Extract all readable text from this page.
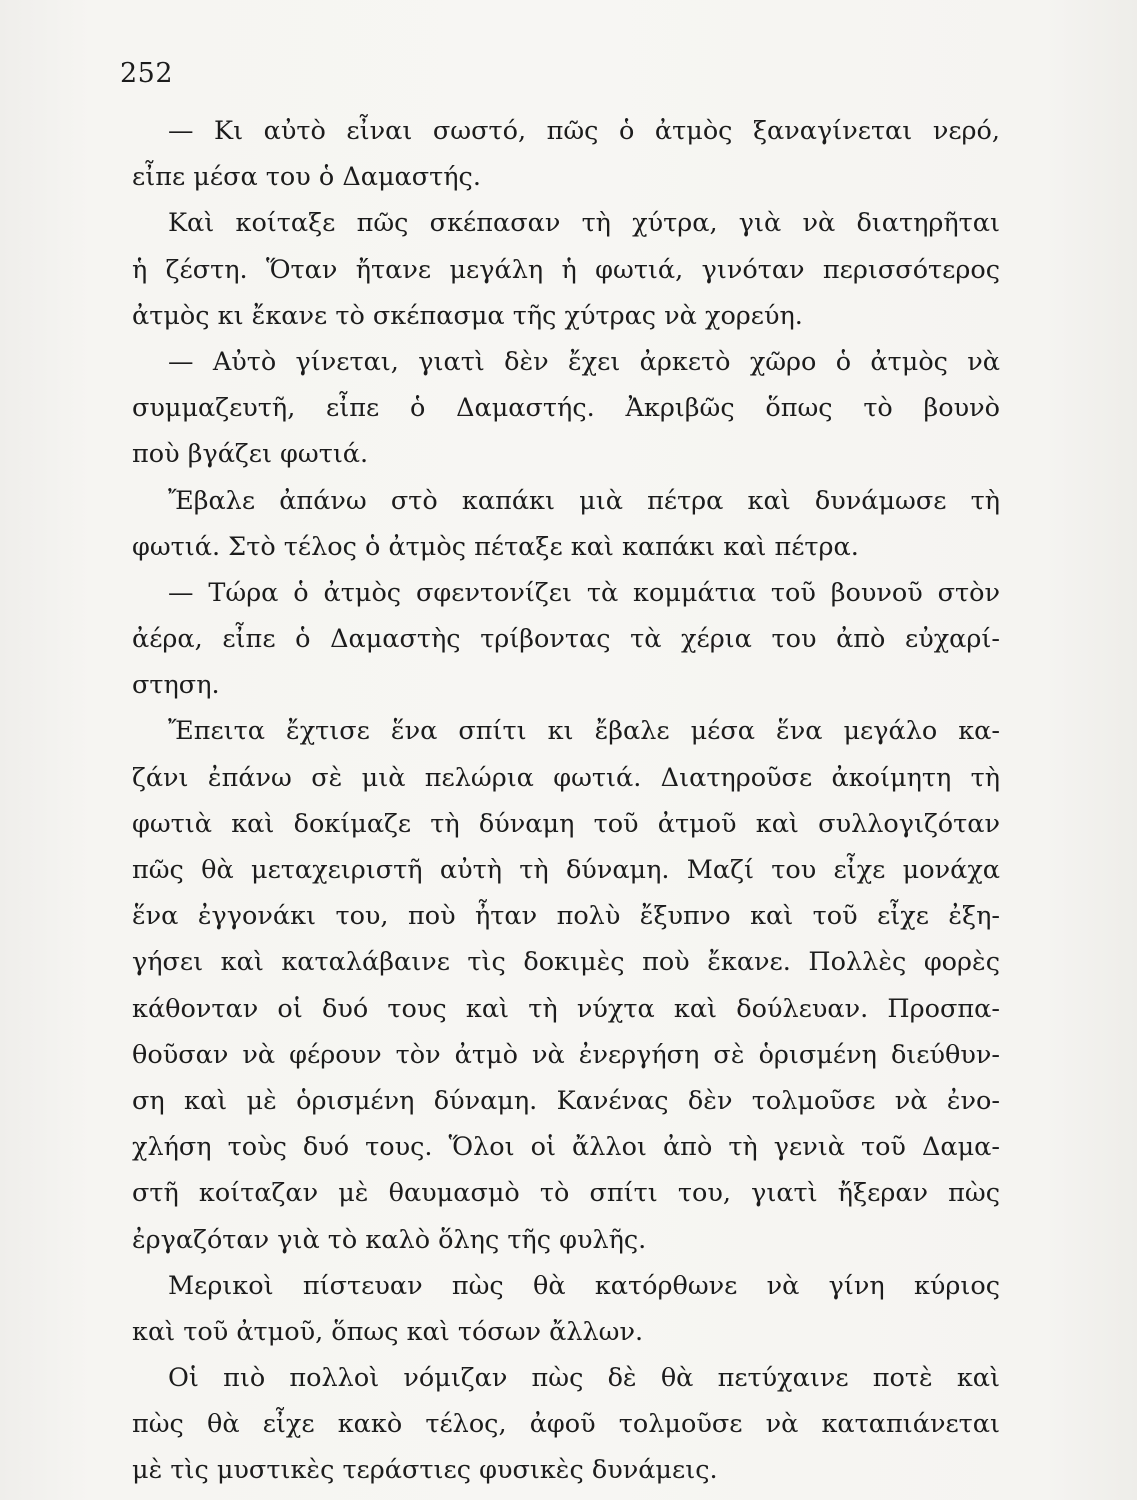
252
— Κι αὐτὸ εἶναι σωστό, πῶς ὁ ἀτμὸς ξαναγίνεται νερό,
εἶπε μέσα του ὁ Δαμαστής.
Καὶ κοίταξε πῶς σκέπασαν τὴ χύτρα, γιὰ νὰ διατηρῆται
ἡ ζέστη. Ὅταν ἤτανε μεγάλη ἡ φωτιά, γινόταν περισσότερος
ἀτμὸς κι ἔκανε τὸ σκέπασμα τῆς χύτρας νὰ χορεύη.
— Αὐτὸ γίνεται, γιατὶ δὲν ἔχει ἀρκετὸ χῶρο ὁ ἀτμὸς νὰ
συμμαζευτῆ, εἶπε ὁ Δαμαστής. Ἀκριβῶς ὅπως τὸ βουνὸ
ποὺ βγάζει φωτιά.
Ἔβαλε ἀπάνω στὸ καπάκι μιὰ πέτρα καὶ δυνάμωσε τὴ
φωτιά. Στὸ τέλος ὁ ἀτμὸς πέταξε καὶ καπάκι καὶ πέτρα.
— Τώρα ὁ ἀτμὸς σφεντονίζει τὰ κομμάτια τοῦ βουνοῦ στὸν
ἀέρα, εἶπε ὁ Δαμαστὴς τρίβοντας τὰ χέρια του ἀπὸ εὐχαρί-
στηση.
Ἔπειτα ἔχτισε ἕνα σπίτι κι ἔβαλε μέσα ἕνα μεγάλο κα-
ζάνι ἐπάνω σὲ μιὰ πελώρια φωτιά. Διατηροῦσε ἀκοίμητη τὴ
φωτιὰ καὶ δοκίμαζε τὴ δύναμη τοῦ ἀτμοῦ καὶ συλλογιζόταν
πῶς θὰ μεταχειριστῆ αὐτὴ τὴ δύναμη. Μαζί του εἶχε μονάχα
ἕνα ἐγγονάκι του, ποὺ ἦταν πολὺ ἔξυπνο καὶ τοῦ εἶχε ἐξη-
γήσει καὶ καταλάβαινε τὶς δοκιμὲς ποὺ ἔκανε. Πολλὲς φορὲς
κάθονταν οἱ δυό τους καὶ τὴ νύχτα καὶ δούλευαν. Προσπα-
θοῦσαν νὰ φέρουν τὸν ἀτμὸ νὰ ἐνεργήση σὲ ὁρισμένη διεύθυν-
ση καὶ μὲ ὁρισμένη δύναμη. Κανένας δὲν τολμοῦσε νὰ ἐνο-
χλήση τοὺς δυό τους. Ὅλοι οἱ ἄλλοι ἀπὸ τὴ γενιὰ τοῦ Δαμα-
στῆ κοίταζαν μὲ θαυμασμὸ τὸ σπίτι του, γιατὶ ἤξεραν πὼς
ἐργαζόταν γιὰ τὸ καλὸ ὅλης τῆς φυλῆς.
Μερικοὶ πίστευαν πὼς θὰ κατόρθωνε νὰ γίνη κύριος
καὶ τοῦ ἀτμοῦ, ὅπως καὶ τόσων ἄλλων.
Οἱ πιὸ πολλοὶ νόμιζαν πὼς δὲ θὰ πετύχαινε ποτὲ καὶ
πὼς θὰ εἶχε κακὸ τέλος, ἀφοῦ τολμοῦσε νὰ καταπιάνεται
μὲ τὶς μυστικὲς τεράστιες φυσικὲς δυνάμεις.
